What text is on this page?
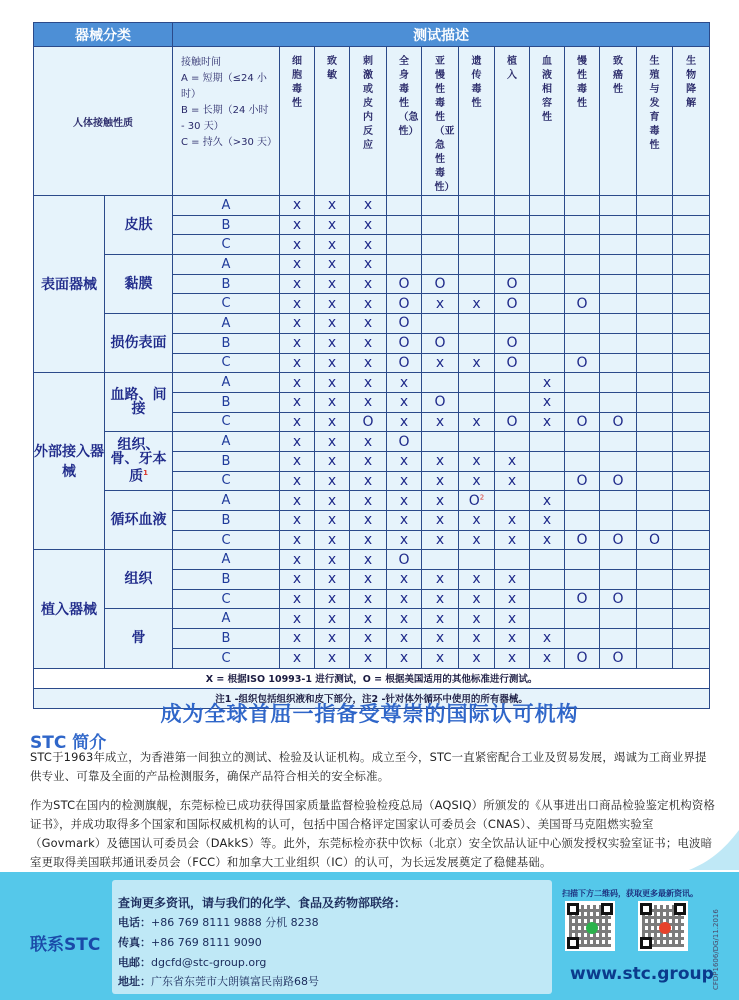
器械分类		测试描述												
人体接触性质		接触时间
A = 短期（≤24 小时）
B = 长期（24 小时 - 30 天）
C = 持久（>30 天）	细胞毒性	致敏	刺激或皮内反应	全身毒性（急性）	亚慢性毒性（亚急性毒性）	遗传毒性	植入	血液相容性	慢性毒性	致癌性	生殖与发育毒性	生物降解
表面器械	皮肤	A	x	x	x									
		B	x	x	x									
		C	x	x	x									
	黏膜	A	x	x	x									
		B	x	x	x	O	O		O					
		C	x	x	x	O	x	x	O		O			
	损伤表面	A	x	x	x	O								
		B	x	x	x	O	O		O					
		C	x	x	x	O	x	x	O		O			
外部接入器械	血路、间接	A	x	x	x	x				x				
		B	x	x	x	x	O			x				
		C	x	x	O	x	x	x	O	x	O	O		
	组织、骨、牙本质$^1$	A	x	x	x	O								
		B	x	x	x	x	x	x	x					
		C	x	x	x	x	x	x	x		O	O		
	循环血液	A	x	x	x	x	x	O$^2$		x				
		B	x	x	x	x	x	x	x	x				
		C	x	x	x	x	x	x	x	x	O	O	O	
植入器械	组织	A	x	x	x	O								
		B	x	x	x	x	x	x	x					
		C	x	x	x	x	x	x	x		O	O		
	骨	A	x	x	x	x	x	x	x					
		B	x	x	x	x	x	x	x	x				
		C	x	x	x	x	x	x	x	x	O	O		
X = 根据ISO 10993-1 进行测试，O = 根据美国适用的其他标准进行测试。														
注1 -组织包括组织液和皮下部分，注2 -针对体外循环中使用的所有器械。														
成为全球首屈一指备受尊崇的国际认可机构
STC 简介
STC于1963年成立，为香港第一间独立的测试、检验及认证机构。成立至今，STC一直紧密配合工业及贸易发展，竭诚为工商业界提供专业、可靠及全面的产品检测服务，确保产品符合相关的安全标准。
作为STC在国内的检测旗舰，东莞标检已成功获得国家质量监督检验检疫总局（AQSIQ）所颁发的《从事进出口商品检验鉴定机构资格证书》，并成功取得多个国家和国际权威机构的认可，包括中国合格评定国家认可委员会（CNAS）、美国哥马克阻燃实验室（Govmark）及德国认可委员会（DAkkS）等。此外，东莞标检亦获中饮标（北京）安全饮品认证中心颁发授权实验室证书；电波暗室更取得美国联邦通讯委员会（FCC）和加拿大工业组织（IC）的认可，为长远发展奠定了稳健基础。
联系STC
查询更多资讯，请与我们的化学、食品及药物部联络：
电话：+86 769 8111 9888 分机 8238
传真：+86 769 8111 9090
电邮：dgcfd@stc-group.org
地址：广东省东莞市大朗镇富民南路68号
扫描下方二维码，获取更多最新资讯。
www.stc.group
CFDP1606/DG/11.2016
